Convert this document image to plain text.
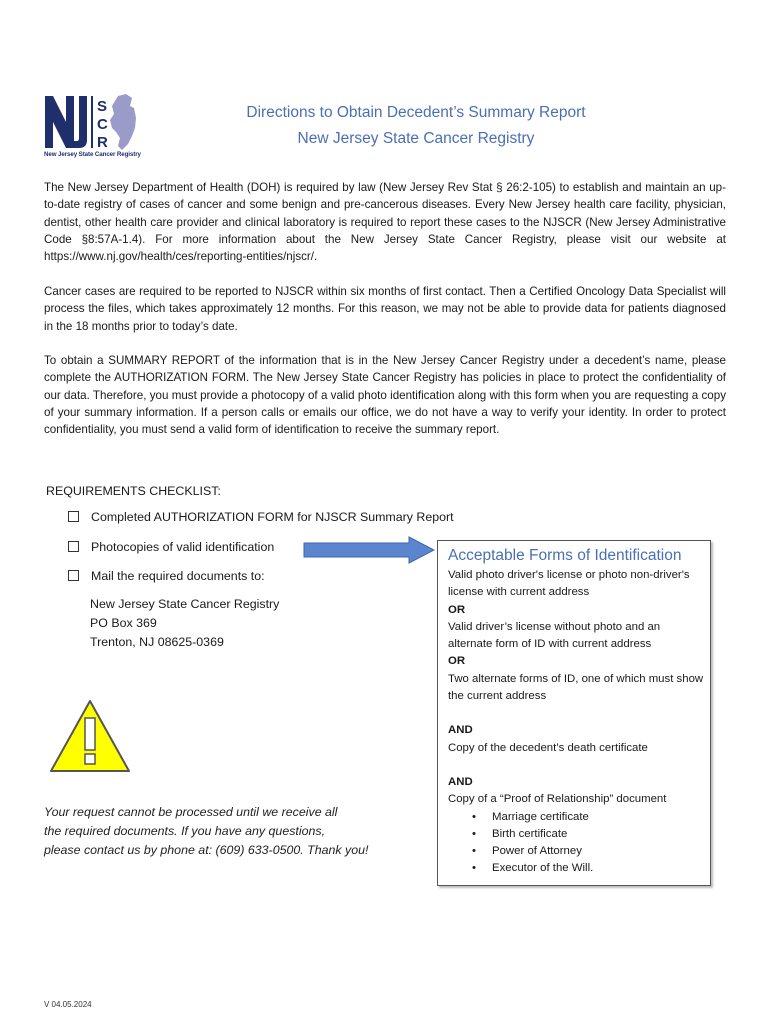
S
C
R
New Jersey State Cancer Registry
Directions to Obtain Decedent’s Summary Report
New Jersey State Cancer Registry

The New Jersey Department of Health (DOH) is required by law (New Jersey Rev Stat § 26:2-105) to establish and maintain an up-to-date registry of cases of cancer and some benign and pre-cancerous diseases. Every New Jersey health care facility, physician, dentist, other health care provider and clinical laboratory is required to report these cases to the NJSCR (New Jersey Administrative Code §8:57A-1.4). For more information about the New Jersey State Cancer Registry, please visit our website at https://www.nj.gov/health/ces/reporting-entities/njscr/.

Cancer cases are required to be reported to NJSCR within six months of first contact. Then a Certified Oncology Data Specialist will process the files, which takes approximately 12 months. For this reason, we may not be able to provide data for patients diagnosed in the 18 months prior to today’s date.

To obtain a SUMMARY REPORT of the information that is in the New Jersey Cancer Registry under a decedent’s name, please complete the AUTHORIZATION FORM. The New Jersey State Cancer Registry has policies in place to protect the confidentiality of our data. Therefore, you must provide a photocopy of a valid photo identification along with this form when you are requesting a copy of your summary information. If a person calls or emails our office, we do not have a way to verify your identity. In order to protect confidentiality, you must send a valid form of identification to receive the summary report.

REQUIREMENTS CHECKLIST:
Completed AUTHORIZATION FORM for NJSCR Summary Report
Photocopies of valid identification
Mail the required documents to:
New Jersey State Cancer Registry
PO Box 369
Trenton, NJ 08625-0369
Your request cannot be processed until we receive all
the required documents. If you have any questions,
please contact us by phone at: (609) 633-0500. Thank you!
Acceptable Forms of Identification
Valid photo driver's license or photo non-driver's license with current address
OR
Valid driver’s license without photo and an alternate form of ID with current address
OR
Two alternate forms of ID, one of which must show the current address
AND
Copy of the decedent’s death certificate
AND
Copy of a “Proof of Relationship” document
• Marriage certificate
• Birth certificate
• Power of Attorney
• Executor of the Will.
V 04.05.2024
